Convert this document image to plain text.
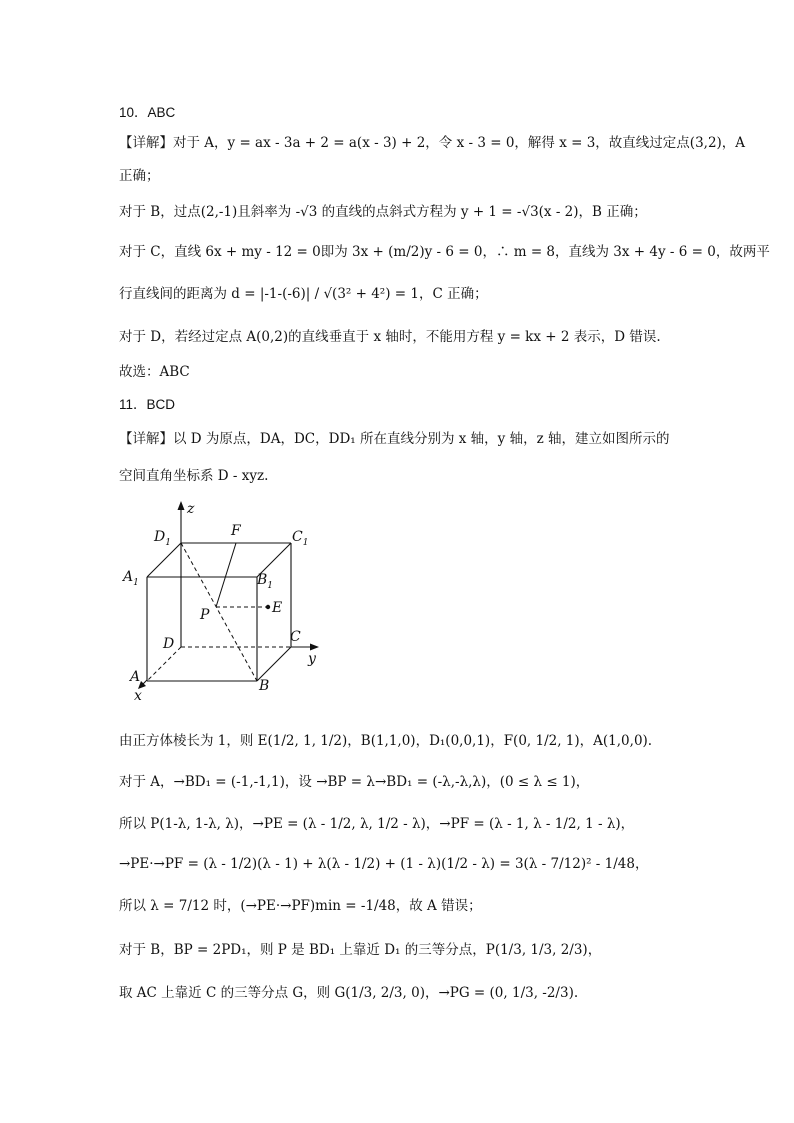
10．ABC
【详解】对于 A，y = ax - 3a + 2 = a(x - 3) + 2，令 x - 3 = 0，解得 x = 3，故直线过定点(3,2)，A
正确；
对于 B，过点(2,-1)且斜率为 -√3 的直线的点斜式方程为 y + 1 = -√3(x - 2)，B 正确；
对于 C，直线 6x + my - 12 = 0即为 3x + (m/2)y - 6 = 0，∴ m = 8，直线为 3x + 4y - 6 = 0，故两平
行直线间的距离为 d = |-1-(-6)| / √(3² + 4²) = 1，C 正确；
对于 D，若经过定点 A(0,2)的直线垂直于 x 轴时，不能用方程 y = kx + 2 表示，D 错误.
故选：ABC
11．BCD
【详解】以 D 为原点，DA，DC，DD₁ 所在直线分别为 x 轴，y 轴，z 轴，建立如图所示的
空间直角坐标系 D - xyz.
z
y
x
$D_1$	$C_1$
$A_1$	$B_1$
F
P	E
D	C
A
B
由正方体棱长为 1，则 E(1/2, 1, 1/2)，B(1,1,0)，D₁(0,0,1)，F(0, 1/2, 1)，A(1,0,0).
对于 A，→BD₁ = (-1,-1,1)，设 →BP = λ→BD₁ = (-λ,-λ,λ)，(0 ≤ λ ≤ 1)，
所以 P(1-λ, 1-λ, λ)，→PE = (λ - 1/2, λ, 1/2 - λ)，→PF = (λ - 1, λ - 1/2, 1 - λ)，
→PE·→PF = (λ - 1/2)(λ - 1) + λ(λ - 1/2) + (1 - λ)(1/2 - λ) = 3(λ - 7/12)² - 1/48，
所以 λ = 7/12 时，(→PE·→PF)min = -1/48，故 A 错误；
对于 B，BP = 2PD₁，则 P 是 BD₁ 上靠近 D₁ 的三等分点，P(1/3, 1/3, 2/3)，
取 AC 上靠近 C 的三等分点 G，则 G(1/3, 2/3, 0)，→PG = (0, 1/3, -2/3).
